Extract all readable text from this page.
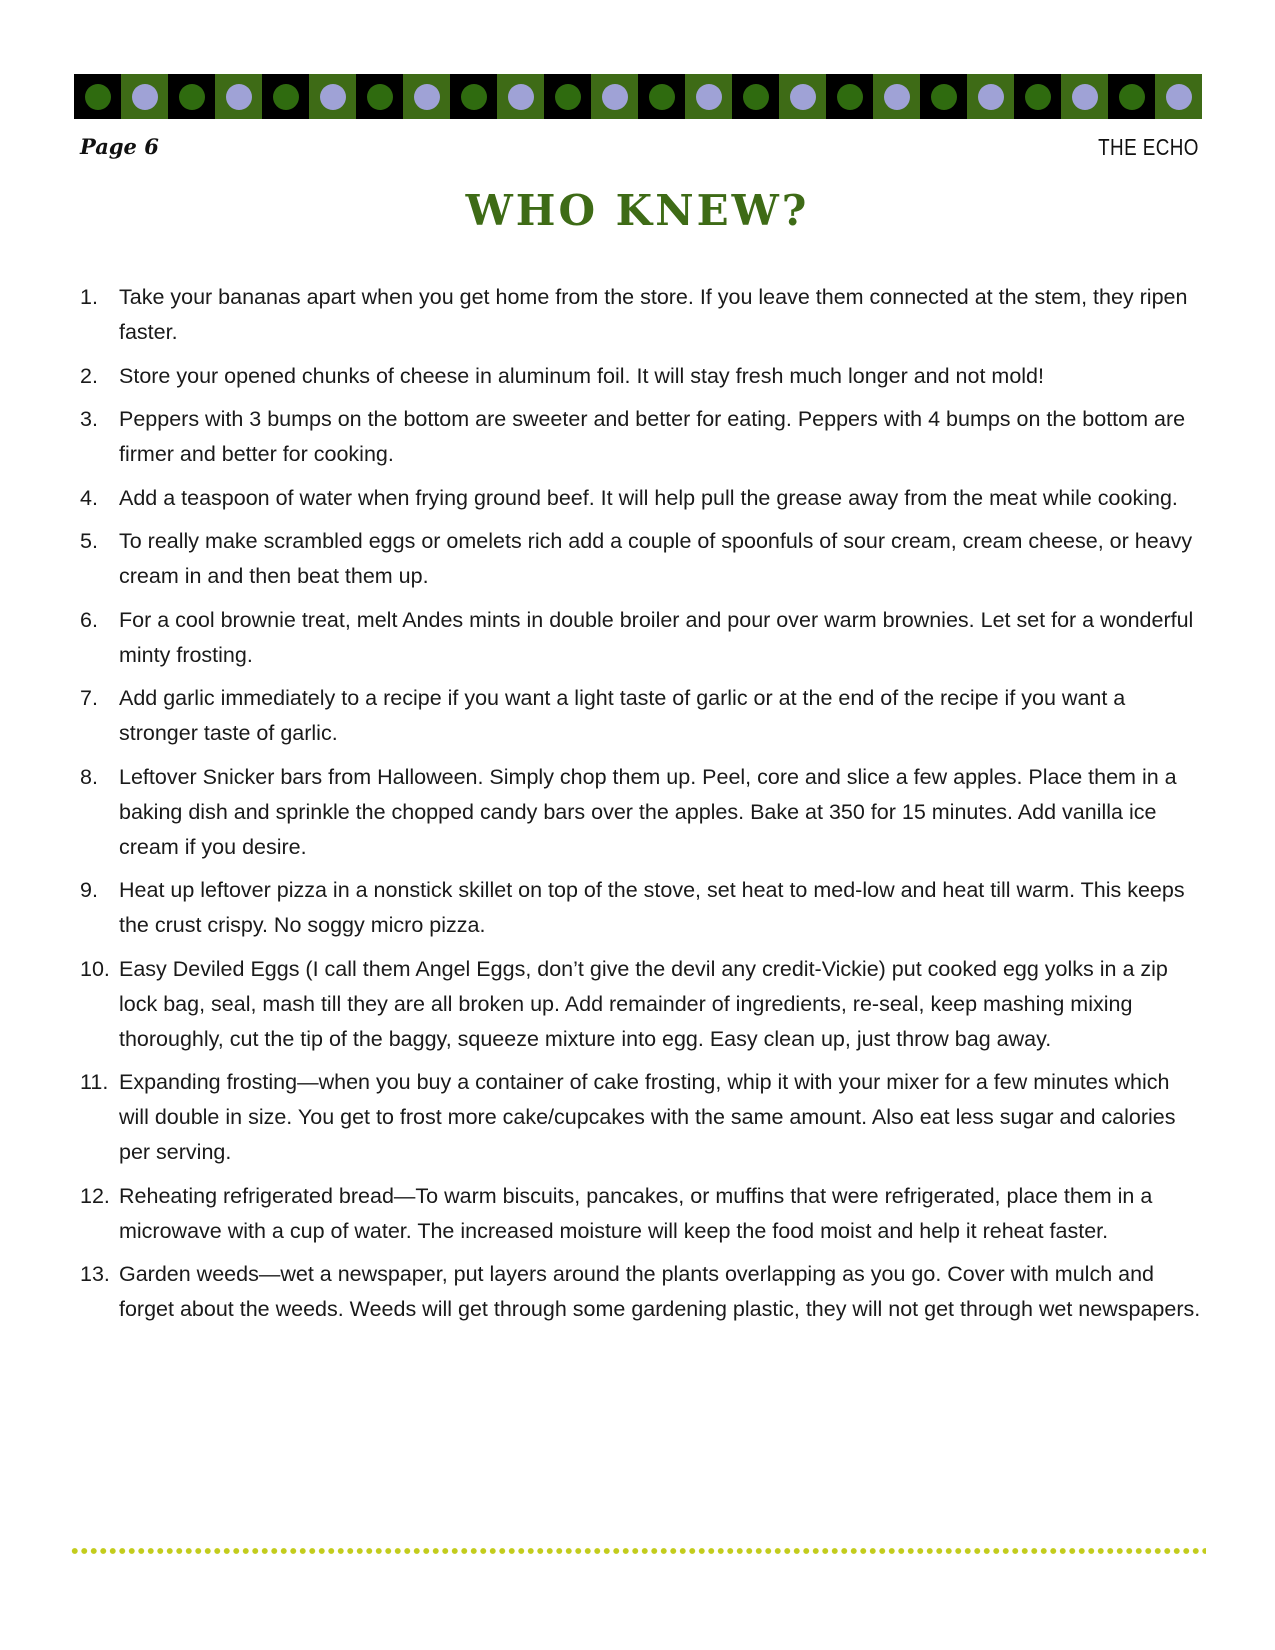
Page 6	THE ECHO
WHO KNEW?
1. Take your bananas apart when you get home from the store. If you leave them connected at the stem, they ripen faster.
2. Store your opened chunks of cheese in aluminum foil. It will stay fresh much longer and not mold!
3. Peppers with 3 bumps on the bottom are sweeter and better for eating. Peppers with 4 bumps on the bottom are firmer and better for cooking.
4. Add a teaspoon of water when frying ground beef. It will help pull the grease away from the meat while cooking.
5. To really make scrambled eggs or omelets rich add a couple of spoonfuls of sour cream, cream cheese, or heavy cream in and then beat them up.
6. For a cool brownie treat, melt Andes mints in double broiler and pour over warm brownies. Let set for a wonderful minty frosting.
7. Add garlic immediately to a recipe if you want a light taste of garlic or at the end of the recipe if you want a stronger taste of garlic.
8. Leftover Snicker bars from Halloween. Simply chop them up. Peel, core and slice a few apples. Place them in a baking dish and sprinkle the chopped candy bars over the apples. Bake at 350 for 15 minutes. Add vanilla ice cream if you desire.
9. Heat up leftover pizza in a nonstick skillet on top of the stove, set heat to med-low and heat till warm. This keeps the crust crispy. No soggy micro pizza.
10. Easy Deviled Eggs (I call them Angel Eggs, don’t give the devil any credit-Vickie) put cooked egg yolks in a zip lock bag, seal, mash till they are all broken up. Add remainder of ingredients, re-seal, keep mashing mixing thoroughly, cut the tip of the baggy, squeeze mixture into egg. Easy clean up, just throw bag away.
11. Expanding frosting—when you buy a container of cake frosting, whip it with your mixer for a few minutes which will double in size. You get to frost more cake/cupcakes with the same amount. Also eat less sugar and calories per serving.
12. Reheating refrigerated bread—To warm biscuits, pancakes, or muffins that were refrigerated, place them in a microwave with a cup of water. The increased moisture will keep the food moist and help it reheat faster.
13. Garden weeds—wet a newspaper, put layers around the plants overlapping as you go. Cover with mulch and forget about the weeds. Weeds will get through some gardening plastic, they will not get through wet newspapers.
